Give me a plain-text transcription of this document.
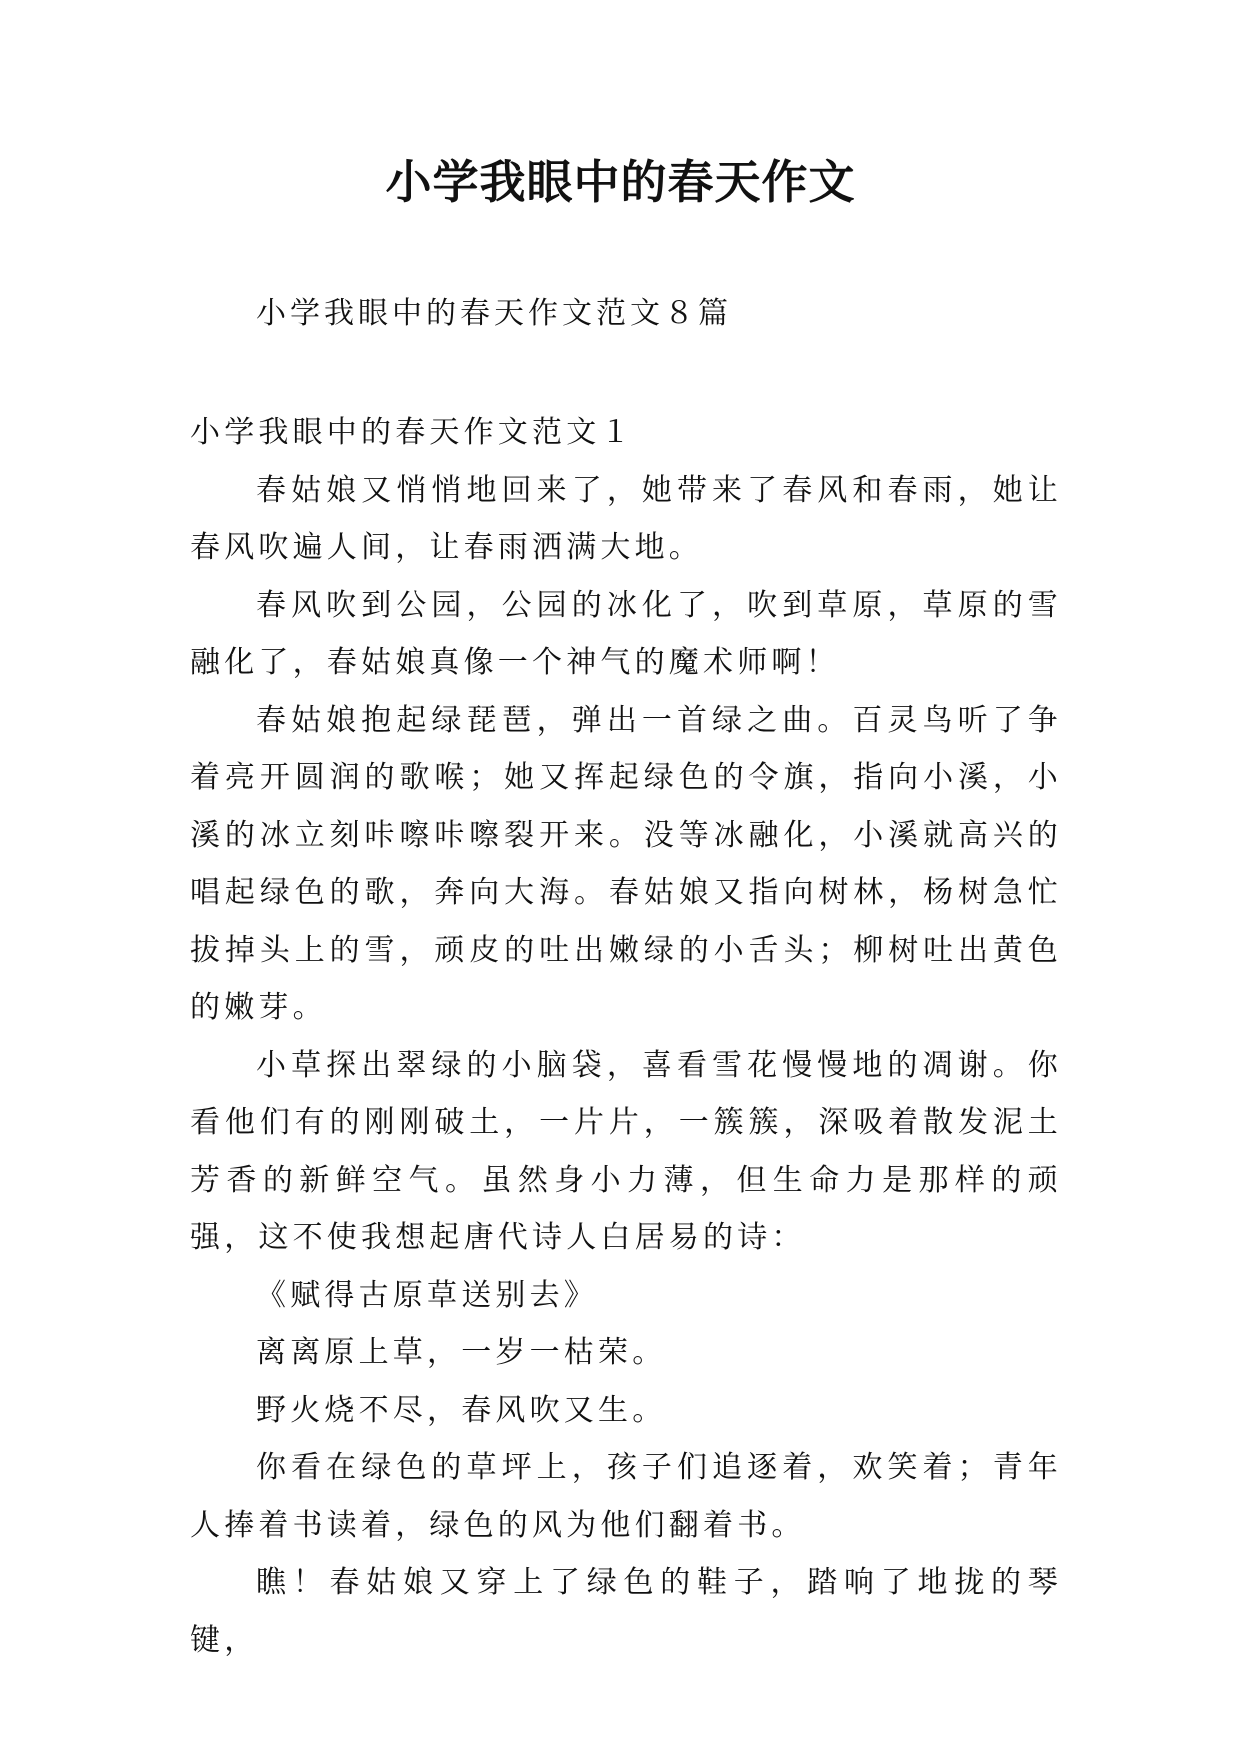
小学我眼中的春天作文

小学我眼中的春天作文范文８篇

小学我眼中的春天作文范文１

春姑娘又悄悄地回来了，她带来了春风和春雨，她让春风吹遍人间，让春雨洒满大地。

春风吹到公园，公园的冰化了，吹到草原，草原的雪融化了，春姑娘真像一个神气的魔术师啊！

春姑娘抱起绿琵琶，弹出一首绿之曲。百灵鸟听了争着亮开圆润的歌喉；她又挥起绿色的令旗，指向小溪，小溪的冰立刻咔嚓咔嚓裂开来。没等冰融化，小溪就高兴的唱起绿色的歌，奔向大海。春姑娘又指向树林，杨树急忙拔掉头上的雪，顽皮的吐出嫩绿的小舌头；柳树吐出黄色的嫩芽。

小草探出翠绿的小脑袋，喜看雪花慢慢地的凋谢。你看他们有的刚刚破土，一片片，一簇簇，深吸着散发泥土芳香的新鲜空气。虽然身小力薄，但生命力是那样的顽强，这不使我想起唐代诗人白居易的诗：

《赋得古原草送别去》

离离原上草，一岁一枯荣。

野火烧不尽，春风吹又生。

你看在绿色的草坪上，孩子们追逐着，欢笑着；青年人捧着书读着，绿色的风为他们翻着书。

瞧！春姑娘又穿上了绿色的鞋子，踏响了地拢的琴键，
